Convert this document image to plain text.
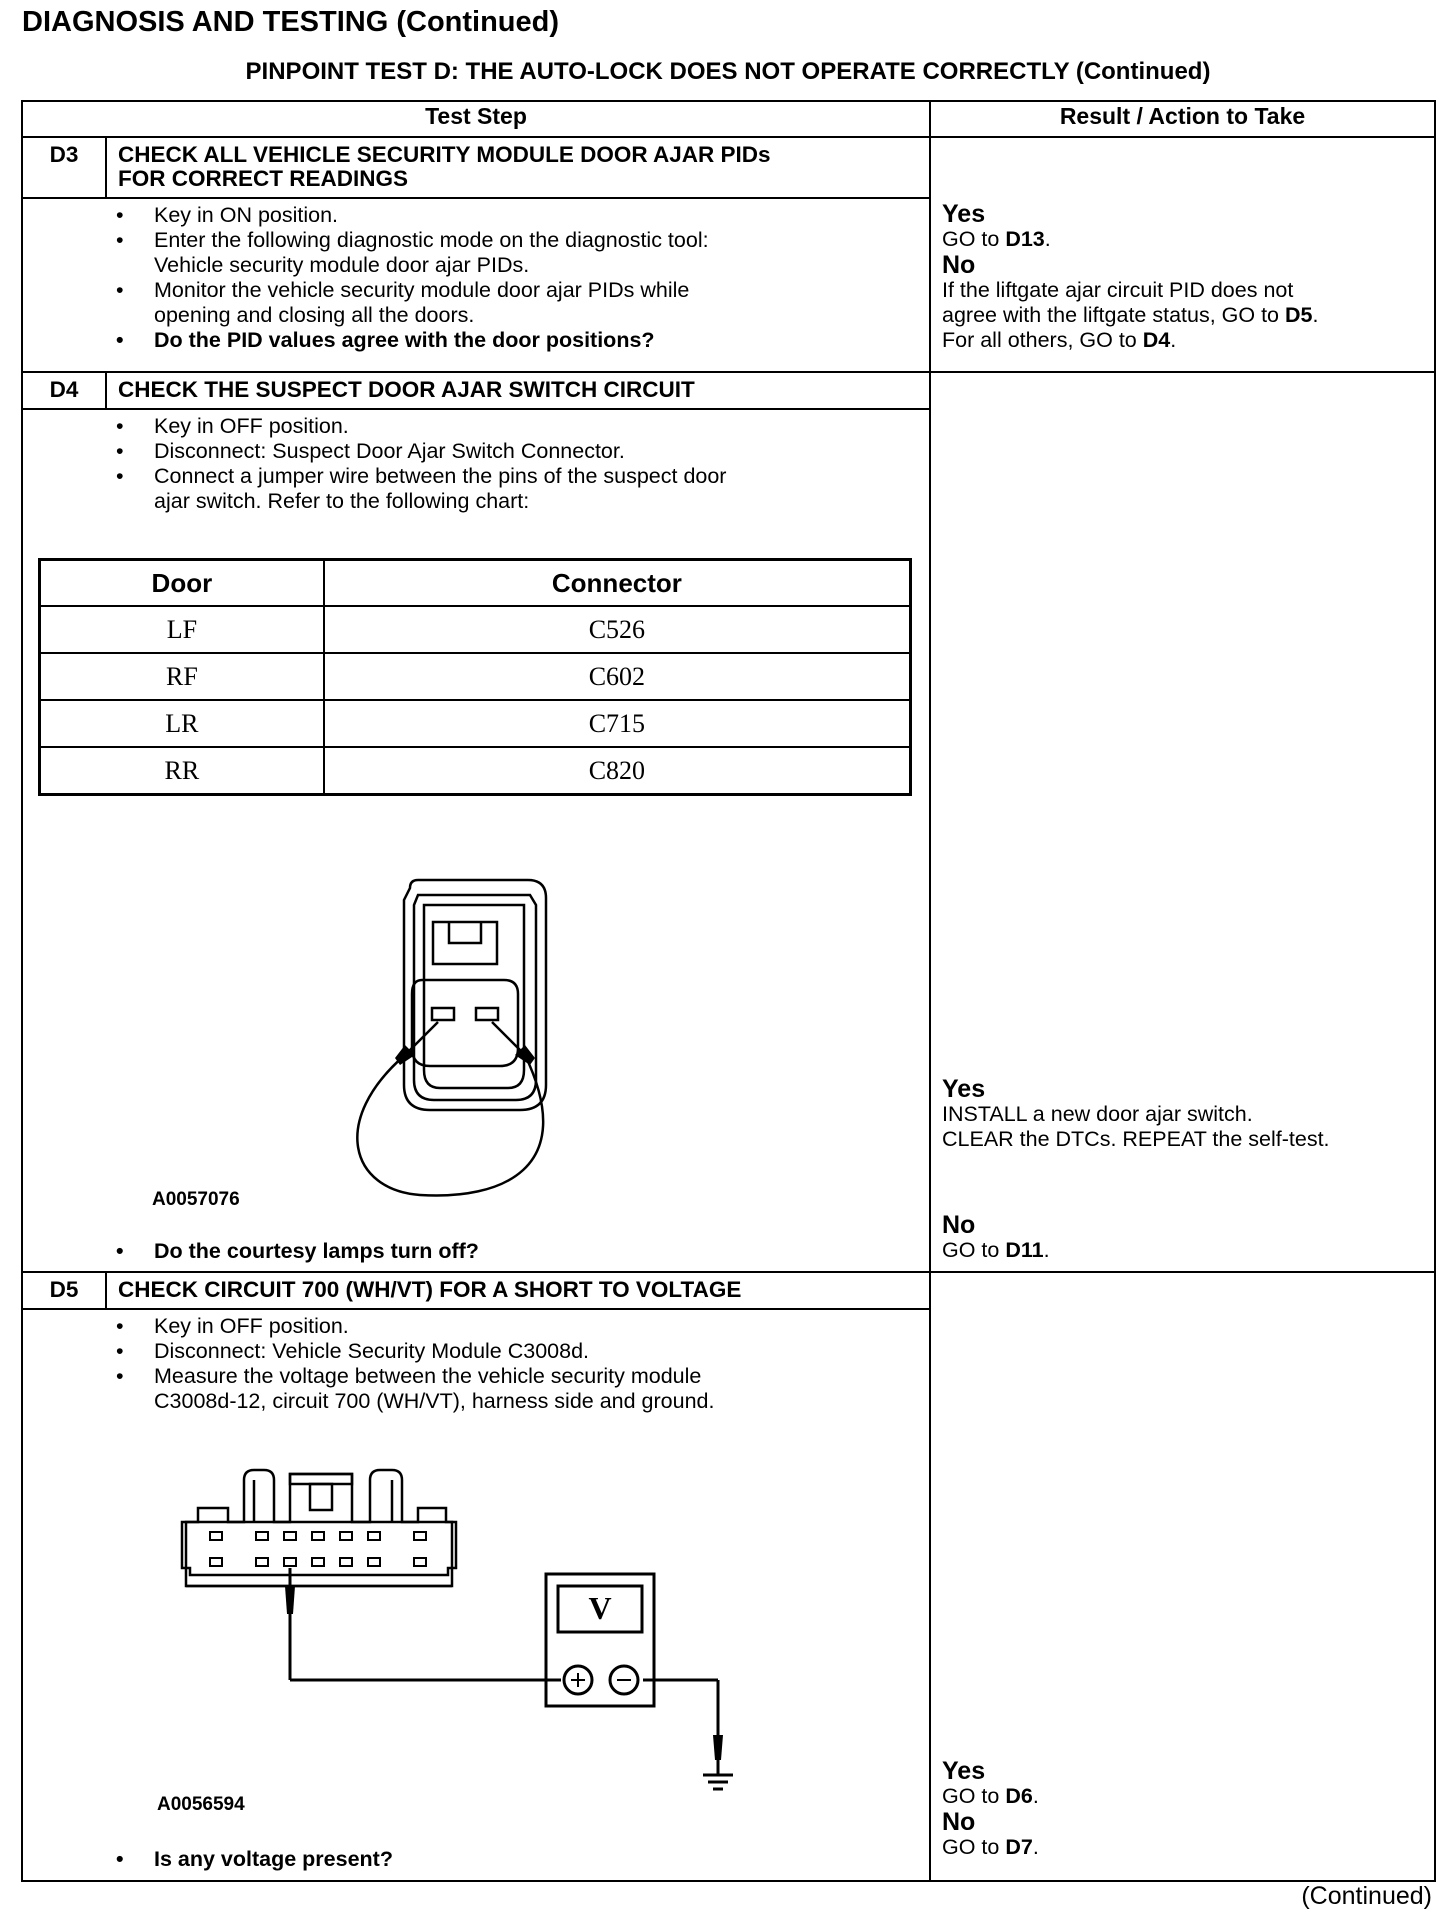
DIAGNOSIS AND TESTING (Continued)
PINPOINT TEST D: THE AUTO-LOCK DOES NOT OPERATE CORRECTLY (Continued)
Test Step	Result / Action to Take
D3	CHECK ALL VEHICLE SECURITY MODULE DOOR AJAR PIDs
FOR CORRECT READINGS
•	Key in ON position.
•	Enter the following diagnostic mode on the diagnostic tool:
Vehicle security module door ajar PIDs.
•	Monitor the vehicle security module door ajar PIDs while
opening and closing all the doors.
•	Do the PID values agree with the door positions?
Yes
GO to D13.
No
If the liftgate ajar circuit PID does not
agree with the liftgate status, GO to D5.
For all others, GO to D4.
D4	CHECK THE SUSPECT DOOR AJAR SWITCH CIRCUIT
•	Key in OFF position.
•	Disconnect: Suspect Door Ajar Switch Connector.
•	Connect a jumper wire between the pins of the suspect door
ajar switch. Refer to the following chart:
Door	Connector
LF	C526
RF	C602
LR	C715
RR	C820
A0057076
•	Do the courtesy lamps turn off?
Yes
INSTALL a new door ajar switch.
CLEAR the DTCs. REPEAT the self-test.
No
GO to D11.
D5	CHECK CIRCUIT 700 (WH/VT) FOR A SHORT TO VOLTAGE
•	Key in OFF position.
•	Disconnect: Vehicle Security Module C3008d.
•	Measure the voltage between the vehicle security module
C3008d-12, circuit 700 (WH/VT), harness side and ground.
V
A0056594
•	Is any voltage present?
Yes
GO to D6.
No
GO to D7.
(Continued)
